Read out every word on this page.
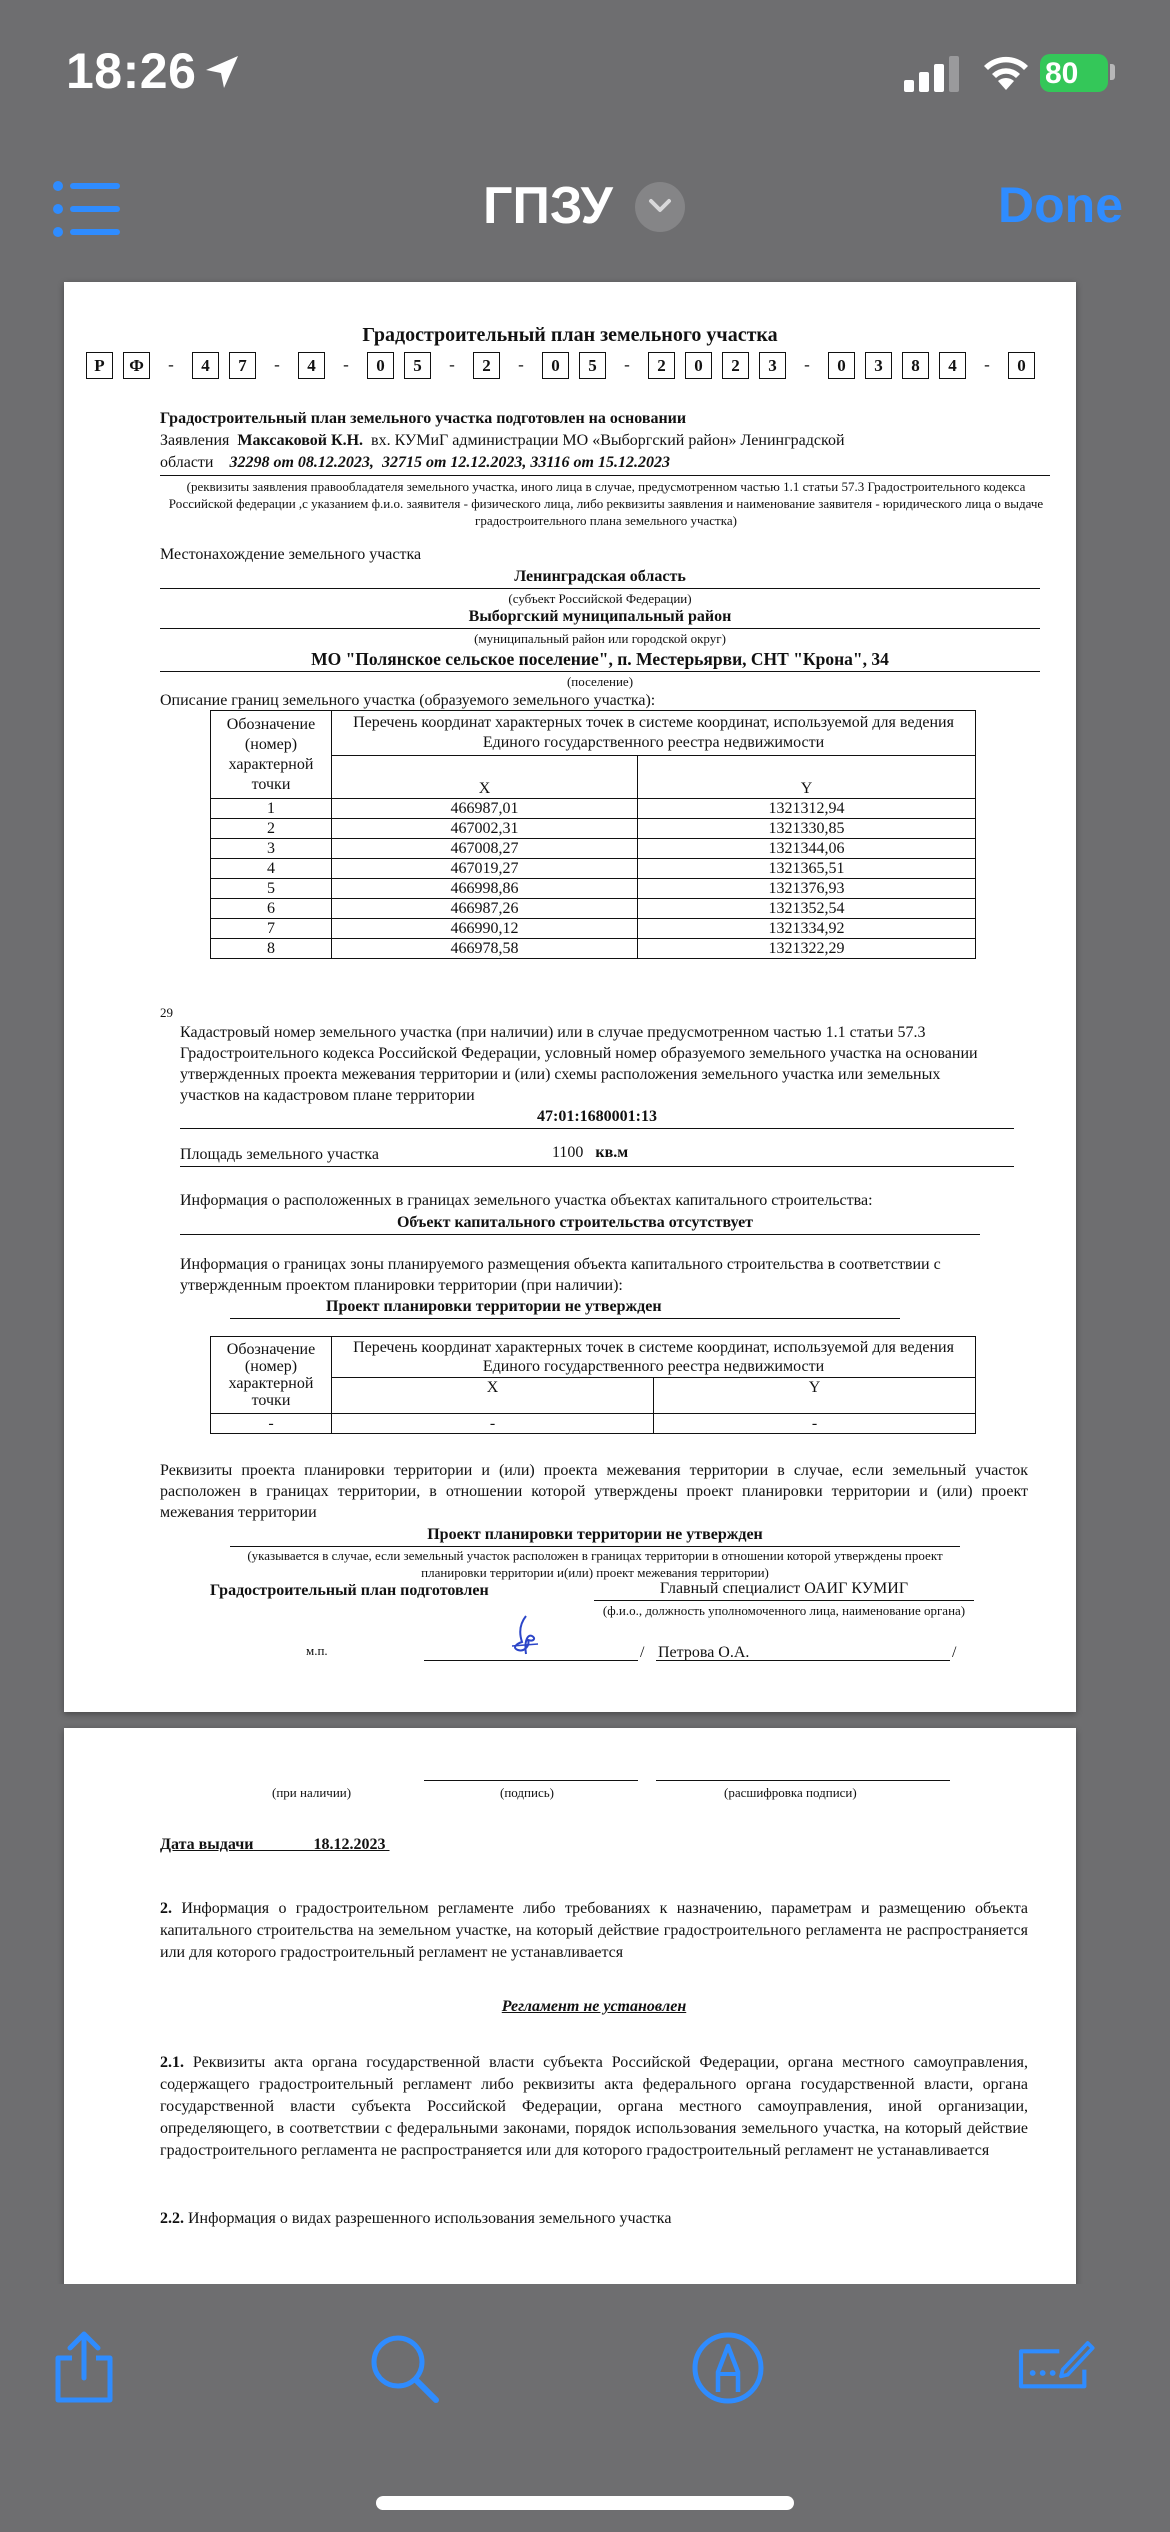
18:26	80
ГПЗУ	Done
Градостроительный план земельного участка
Р	Ф	-	4	7	-	4	-	0	5	-	2	-	0	5	-	2	0	2	3	-	0	3	8	4	-	0
Градостроительный план земельного участка подготовлен на основании
Заявления Максаковой К.Н. вх. КУМиГ администрации МО «Выборгский район» Ленинградской
области 32298 от 08.12.2023, 32715 от 12.12.2023, 33116 от 15.12.2023
(реквизиты заявления правообладателя земельного участка, иного лица в случае, предусмотренном частью 1.1 статьи 57.3 Градостроительного кодекса Российской федерации ,с указанием ф.и.о. заявителя - физического лица, либо реквизиты заявления и наименование заявителя - юридического лица о выдаче градостроительного плана земельного участка)
Местонахождение земельного участка
Ленинградская область
(субъект Российской Федерации)
Выборгский муниципальный район
(муниципальный район или городской округ)
МО "Полянское сельское поселение", п. Местерьярви, СНТ "Крона", 34
(поселение)
Описание границ земельного участка (образуемого земельного участка):
Обозначение (номер) характерной точки	Перечень координат характерных точек в системе координат, используемой для ведения Единого государственного реестра недвижимости	
	X	Y
1	466987,01	1321312,94
2	467002,31	1321330,85
3	467008,27	1321344,06
4	467019,27	1321365,51
5	466998,86	1321376,93
6	466987,26	1321352,54
7	466990,12	1321334,92
8	466978,58	1321322,29
29
Кадастровый номер земельного участка (при наличии) или в случае предусмотренном частью 1.1 статьи 57.3 Градостроительного кодекса Российской Федерации, условный номер образуемого земельного участка на основании утвержденных проекта межевания территории и (или) схемы расположения земельного участка или земельных участков на кадастровом плане территории
47:01:1680001:13
Площадь земельного участка	1100 кв.м
Информация о расположенных в границах земельного участка объектах капитального строительства:
Объект капитального строительства отсутствует
Информация о границах зоны планируемого размещения объекта капитального строительства в соответствии с утвержденным проектом планировки территории (при наличии):
Проект планировки территории не утвержден
Обозначение (номер) характерной точки	Перечень координат характерных точек в системе координат, используемой для ведения Единого государственного реестра недвижимости	
	X	Y
-	-	-
Реквизиты проекта планировки территории и (или) проекта межевания территории в случае, если земельный участок расположен в границах территории, в отношении которой утверждены проект планировки территории и (или) проект межевания территории
Проект планировки территории не утвержден
(указывается в случае, если земельный участок расположен в границах территории в отношении которой утверждены проект планировки территории и(или) проект межевания территории)
Градостроительный план подготовлен	Главный специалист ОАИГ КУМИГ
(ф.и.о., должность уполномоченного лица, наименование органа)
м.п.	/ Петрова О.А.	/
(при наличии)	(подпись)	(расшифровка подписи)
Дата выдачи	18.12.2023
2. Информация о градостроительном регламенте либо требованиях к назначению, параметрам и размещению объекта капитального строительства на земельном участке, на который действие градостроительного регламента не распространяется или для которого градостроительный регламент не устанавливается
Регламент не установлен
2.1. Реквизиты акта органа государственной власти субъекта Российской Федерации, органа местного самоуправления, содержащего градостроительный регламент либо реквизиты акта федерального органа государственной власти, органа государственной власти субъекта Российской Федерации, органа местного самоуправления, иной организации, определяющего, в соответствии с федеральными законами, порядок использования земельного участка, на который действие градостроительного регламента не распространяется или для которого градостроительный регламент не устанавливается
2.2. Информация о видах разрешенного использования земельного участка
